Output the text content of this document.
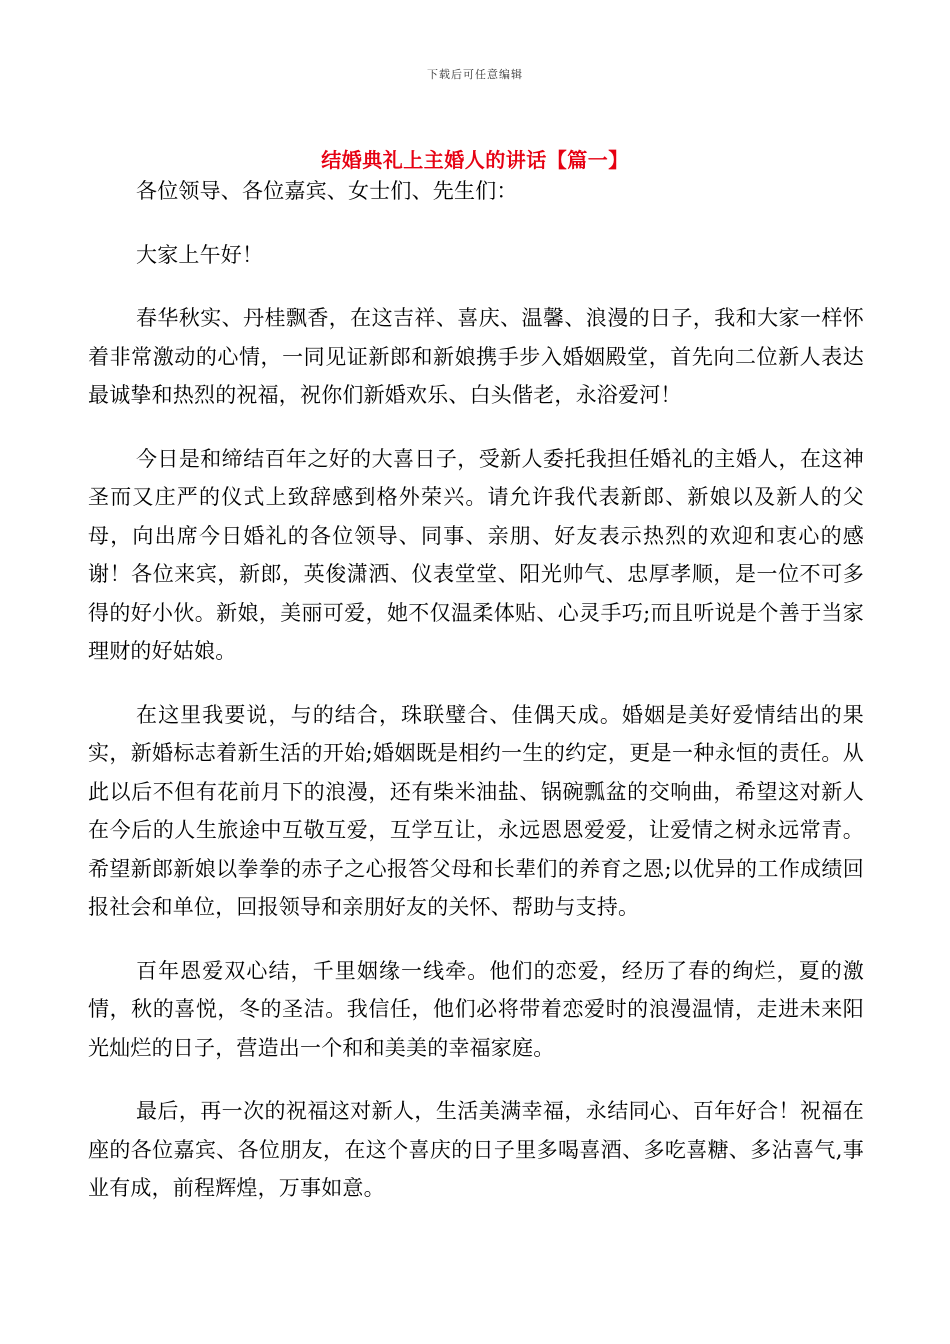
下载后可任意编辑
结婚典礼上主婚人的讲话【篇一】

各位领导、各位嘉宾、女士们、先生们：

大家上午好！

春华秋实、丹桂飘香，在这吉祥、喜庆、温馨、浪漫的日子，我和大家一样怀着非常激动的心情，一同见证新郎和新娘携手步入婚姻殿堂，首先向二位新人表达最诚挚和热烈的祝福，祝你们新婚欢乐、白头偕老，永浴爱河！

今日是和缔结百年之好的大喜日子，受新人委托我担任婚礼的主婚人，在这神圣而又庄严的仪式上致辞感到格外荣兴。请允许我代表新郎、新娘以及新人的父母，向出席今日婚礼的各位领导、同事、亲朋、好友表示热烈的欢迎和衷心的感谢！各位来宾，新郎，英俊潇洒、仪表堂堂、阳光帅气、忠厚孝顺，是一位不可多得的好小伙。新娘，美丽可爱，她不仅温柔体贴、心灵手巧;而且听说是个善于当家理财的好姑娘。

在这里我要说，与的结合，珠联璧合、佳偶天成。婚姻是美好爱情结出的果实，新婚标志着新生活的开始;婚姻既是相约一生的约定，更是一种永恒的责任。从此以后不但有花前月下的浪漫，还有柴米油盐、锅碗瓢盆的交响曲，希望这对新人在今后的人生旅途中互敬互爱，互学互让，永远恩恩爱爱，让爱情之树永远常青。希望新郎新娘以拳拳的赤子之心报答父母和长辈们的养育之恩;以优异的工作成绩回报社会和单位，回报领导和亲朋好友的关怀、帮助与支持。

百年恩爱双心结，千里姻缘一线牵。他们的恋爱，经历了春的绚烂，夏的激情，秋的喜悦，冬的圣洁。我信任，他们必将带着恋爱时的浪漫温情，走进未来阳光灿烂的日子，营造出一个和和美美的幸福家庭。

最后，再一次的祝福这对新人，生活美满幸福，永结同心、百年好合！祝福在座的各位嘉宾、各位朋友，在这个喜庆的日子里多喝喜酒、多吃喜糖、多沾喜气,事业有成，前程辉煌，万事如意。
